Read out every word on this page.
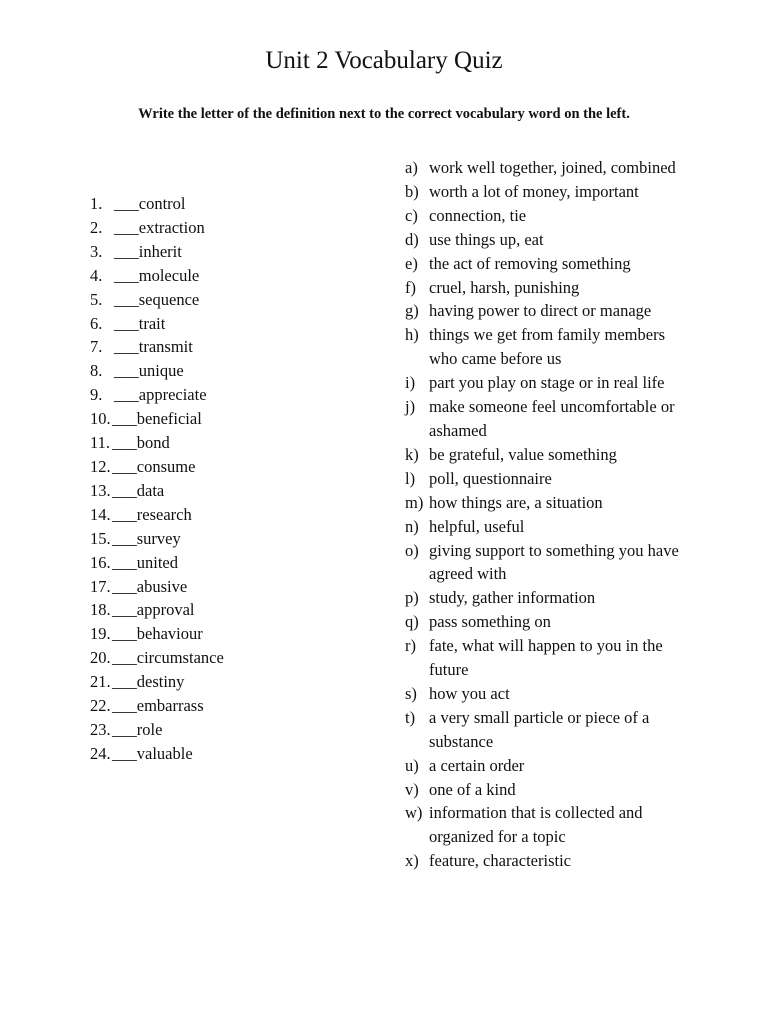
Unit 2 Vocabulary Quiz
Write the letter of the definition next to the correct vocabulary word on the left.
1. ___ control
2. ___ extraction
3. ___ inherit
4. ___ molecule
5. ___ sequence
6. ___ trait
7. ___ transmit
8. ___ unique
9. ___ appreciate
10. ___ beneficial
11. ___ bond
12. ___ consume
13. ___ data
14. ___ research
15. ___ survey
16. ___ united
17. ___ abusive
18. ___ approval
19. ___ behaviour
20. ___ circumstance
21. ___ destiny
22. ___ embarrass
23. ___ role
24. ___ valuable
a) work well together, joined, combined
b) worth a lot of money, important
c) connection, tie
d) use things up, eat
e) the act of removing something
f) cruel, harsh, punishing
g) having power to direct or manage
h) things we get from family members who came before us
i) part you play on stage or in real life
j) make someone feel uncomfortable or ashamed
k) be grateful, value something
l) poll, questionnaire
m) how things are, a situation
n) helpful, useful
o) giving support to something you have agreed with
p) study, gather information
q) pass something on
r) fate, what will happen to you in the future
s) how you act
t) a very small particle or piece of a substance
u) a certain order
v) one of a kind
w) information that is collected and organized for a topic
x) feature, characteristic
